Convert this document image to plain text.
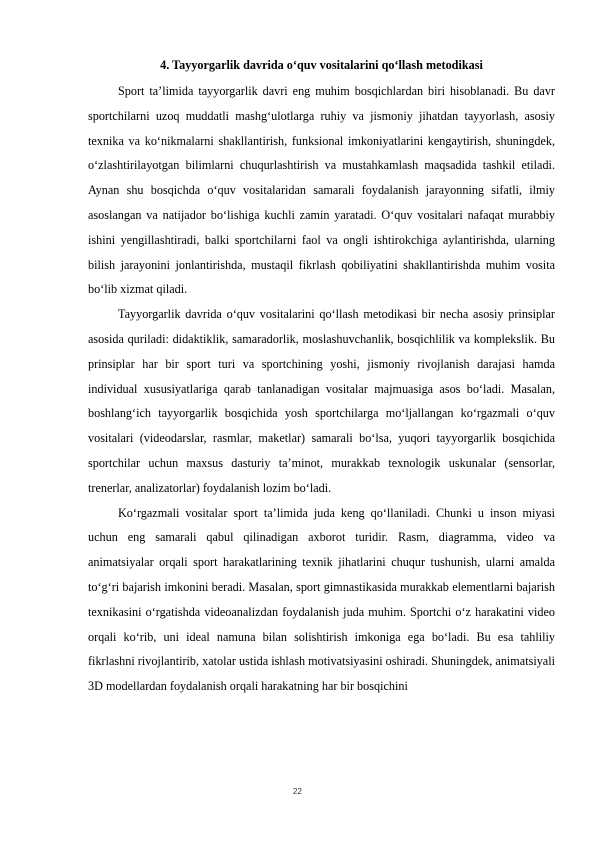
4. Tayyorgarlik davrida o‘quv vositalarini qo‘llash metodikasi

Sport ta’limida tayyorgarlik davri eng muhim bosqichlardan biri hisoblanadi. Bu davr sportchilarni uzoq muddatli mashg‘ulotlarga ruhiy va jismoniy jihatdan tayyorlash, asosiy texnika va ko‘nikmalarni shakllantirish, funksional imkoniyatlarini kengaytirish, shuningdek, o‘zlashtirilayotgan bilimlarni chuqurlashtirish va mustahkamlash maqsadida tashkil etiladi. Aynan shu bosqichda o‘quv vositalaridan samarali foydalanish jarayonning sifatli, ilmiy asoslangan va natijador bo‘lishiga kuchli zamin yaratadi. O‘quv vositalari nafaqat murabbiy ishini yengillashtiradi, balki sportchilarni faol va ongli ishtirokchiga aylantirishda, ularning bilish jarayonini jonlantirishda, mustaqil fikrlash qobiliyatini shakllantirishda muhim vosita bo‘lib xizmat qiladi.

Tayyorgarlik davrida o‘quv vositalarini qo‘llash metodikasi bir necha asosiy prinsiplar asosida quriladi: didaktiklik, samaradorlik, moslashuvchanlik, bosqichlilik va komplekslik. Bu prinsiplar har bir sport turi va sportchining yoshi, jismoniy rivojlanish darajasi hamda individual xususiyatlariga qarab tanlanadigan vositalar majmuasiga asos bo‘ladi. Masalan, boshlang‘ich tayyorgarlik bosqichida yosh sportchilarga mo‘ljallangan ko‘rgazmali o‘quv vositalari (videodarslar, rasmlar, maketlar) samarali bo‘lsa, yuqori tayyorgarlik bosqichida sportchilar uchun maxsus dasturiy ta’minot, murakkab texnologik uskunalar (sensorlar, trenerlar, analizatorlar) foydalanish lozim bo‘ladi.

Ko‘rgazmali vositalar sport ta’limida juda keng qo‘llaniladi. Chunki u inson miyasi uchun eng samarali qabul qilinadigan axborot turidir. Rasm, diagramma, video va animatsiyalar orqali sport harakatlarining texnik jihatlarini chuqur tushunish, ularni amalda to‘g‘ri bajarish imkonini beradi. Masalan, sport gimnastikasida murakkab elementlarni bajarish texnikasini o‘rgatishda videoanalizdan foydalanish juda muhim. Sportchi o‘z harakatini video orqali ko‘rib, uni ideal namuna bilan solishtirish imkoniga ega bo‘ladi. Bu esa tahliliy fikrlashni rivojlantirib, xatolar ustida ishlash motivatsiyasini oshiradi. Shuningdek, animatsiyali 3D modellardan foydalanish orqali harakatning har bir bosqichini

22
